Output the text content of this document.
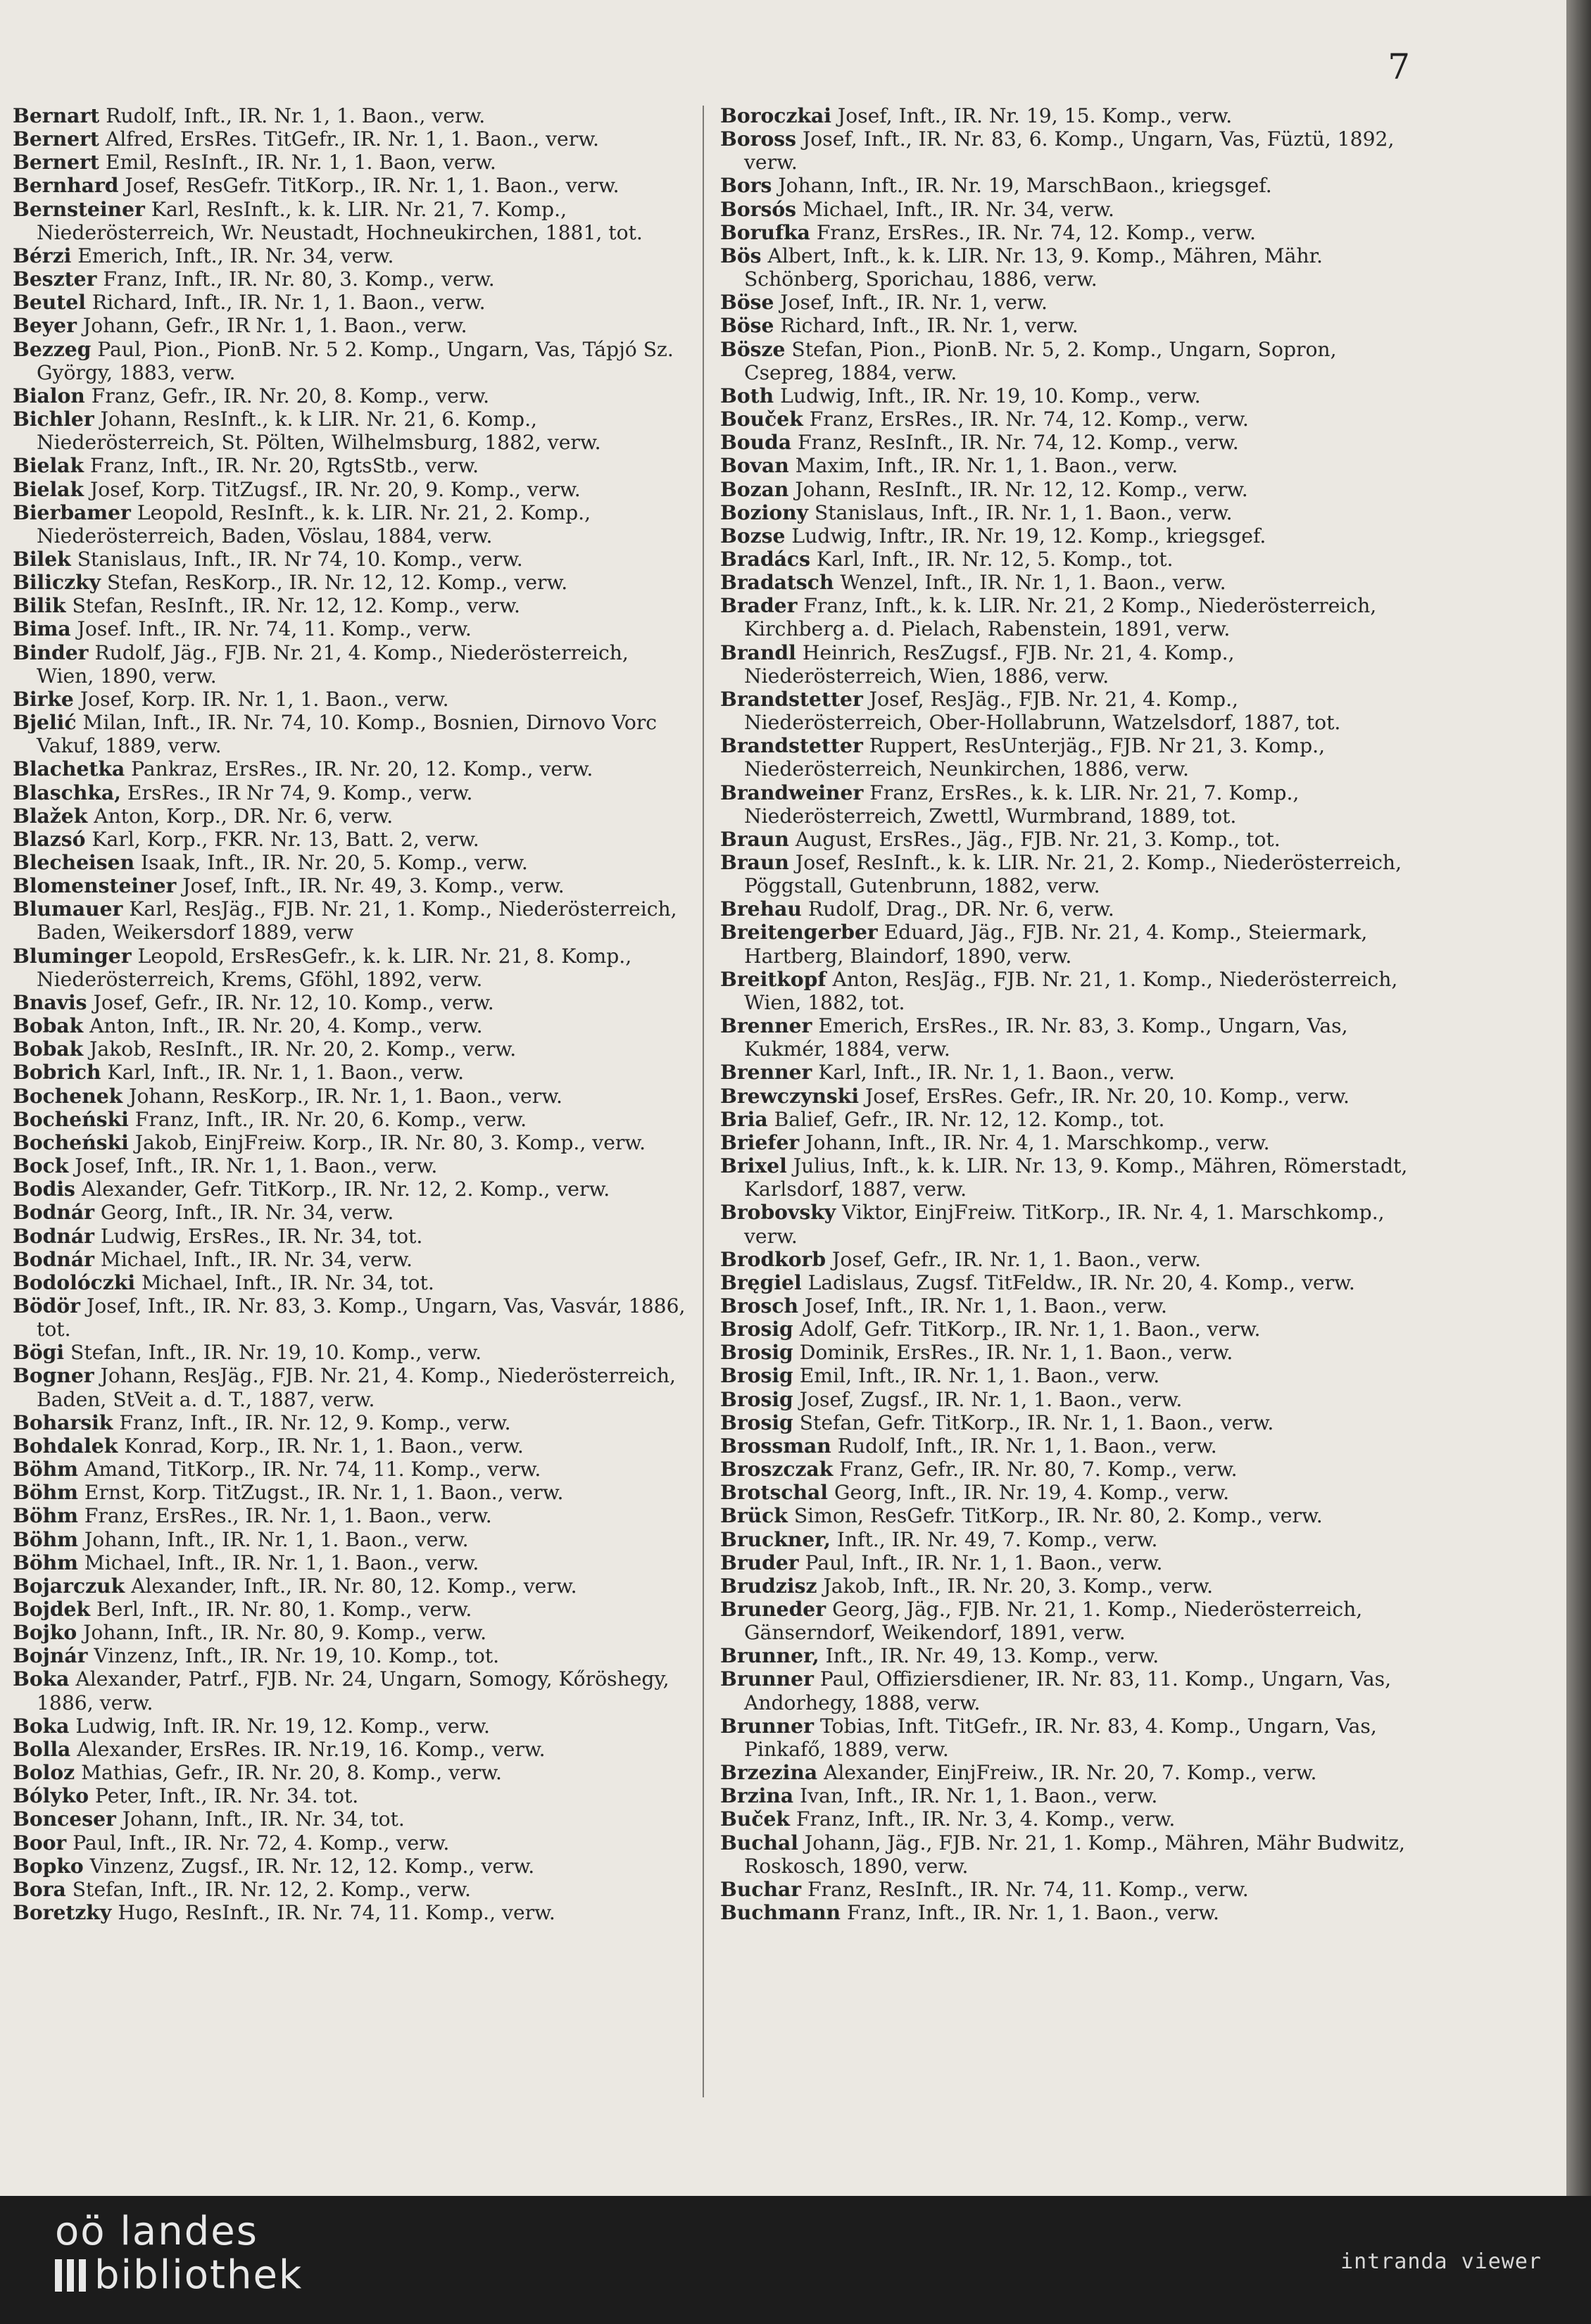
7

Bernart Rudolf, Inft., IR. Nr. 1, 1. Baon., verw.

Bernert Alfred, ErsRes. TitGefr., IR. Nr. 1, 1. Baon., verw.

Bernert Emil, ResInft., IR. Nr. 1, 1. Baon, verw.

Bernhard Josef, ResGefr. TitKorp., IR. Nr. 1, 1. Baon., verw.

Bernsteiner Karl, ResInft., k. k. LIR. Nr. 21, 7. Komp., Niederösterreich, Wr. Neustadt, Hochneukirchen, 1881, tot.

Bérzi Emerich, Inft., IR. Nr. 34, verw.

Beszter Franz, Inft., IR. Nr. 80, 3. Komp., verw.

Beutel Richard, Inft., IR. Nr. 1, 1. Baon., verw.

Beyer Johann, Gefr., IR Nr. 1, 1. Baon., verw.

Bezzeg Paul, Pion., PionB. Nr. 5 2. Komp., Ungarn, Vas, Tápjó Sz. György, 1883, verw.

Bialon Franz, Gefr., IR. Nr. 20, 8. Komp., verw.

Bichler Johann, ResInft., k. k LIR. Nr. 21, 6. Komp., Niederösterreich, St. Pölten, Wilhelmsburg, 1882, verw.

Bielak Franz, Inft., IR. Nr. 20, RgtsStb., verw.

Bielak Josef, Korp. TitZugsf., IR. Nr. 20, 9. Komp., verw.

Bierbamer Leopold, ResInft., k. k. LIR. Nr. 21, 2. Komp., Niederösterreich, Baden, Vöslau, 1884, verw.

Bilek Stanislaus, Inft., IR. Nr 74, 10. Komp., verw.

Biliczky Stefan, ResKorp., IR. Nr. 12, 12. Komp., verw.

Bilik Stefan, ResInft., IR. Nr. 12, 12. Komp., verw.

Bima Josef. Inft., IR. Nr. 74, 11. Komp., verw.

Binder Rudolf, Jäg., FJB. Nr. 21, 4. Komp., Niederösterreich, Wien, 1890, verw.

Birke Josef, Korp. IR. Nr. 1, 1. Baon., verw.

Bjelić Milan, Inft., IR. Nr. 74, 10. Komp., Bosnien, Dirnovo Vorc Vakuf, 1889, verw.

Blachetka Pankraz, ErsRes., IR. Nr. 20, 12. Komp., verw.

Blaschka, ErsRes., IR Nr 74, 9. Komp., verw.

Blažek Anton, Korp., DR. Nr. 6, verw.

Blazsó Karl, Korp., FKR. Nr. 13, Batt. 2, verw.

Blecheisen Isaak, Inft., IR. Nr. 20, 5. Komp., verw.

Blomensteiner Josef, Inft., IR. Nr. 49, 3. Komp., verw.

Blumauer Karl, ResJäg., FJB. Nr. 21, 1. Komp., Niederösterreich, Baden, Weikersdorf 1889, verw

Bluminger Leopold, ErsResGefr., k. k. LIR. Nr. 21, 8. Komp., Niederösterreich, Krems, Gföhl, 1892, verw.

Bnavis Josef, Gefr., IR. Nr. 12, 10. Komp., verw.

Bobak Anton, Inft., IR. Nr. 20, 4. Komp., verw.

Bobak Jakob, ResInft., IR. Nr. 20, 2. Komp., verw.

Bobrich Karl, Inft., IR. Nr. 1, 1. Baon., verw.

Bochenek Johann, ResKorp., IR. Nr. 1, 1. Baon., verw.

Bocheński Franz, Inft., IR. Nr. 20, 6. Komp., verw.

Bocheński Jakob, EinjFreiw. Korp., IR. Nr. 80, 3. Komp., verw.

Bock Josef, Inft., IR. Nr. 1, 1. Baon., verw.

Bodis Alexander, Gefr. TitKorp., IR. Nr. 12, 2. Komp., verw.

Bodnár Georg, Inft., IR. Nr. 34, verw.

Bodnár Ludwig, ErsRes., IR. Nr. 34, tot.

Bodnár Michael, Inft., IR. Nr. 34, verw.

Bodolóczki Michael, Inft., IR. Nr. 34, tot.

Bödör Josef, Inft., IR. Nr. 83, 3. Komp., Ungarn, Vas, Vasvár, 1886, tot.

Bögi Stefan, Inft., IR. Nr. 19, 10. Komp., verw.

Bogner Johann, ResJäg., FJB. Nr. 21, 4. Komp., Niederösterreich, Baden, StVeit a. d. T., 1887, verw.

Boharsik Franz, Inft., IR. Nr. 12, 9. Komp., verw.

Bohdalek Konrad, Korp., IR. Nr. 1, 1. Baon., verw.

Böhm Amand, TitKorp., IR. Nr. 74, 11. Komp., verw.

Böhm Ernst, Korp. TitZugst., IR. Nr. 1, 1. Baon., verw.

Böhm Franz, ErsRes., IR. Nr. 1, 1. Baon., verw.

Böhm Johann, Inft., IR. Nr. 1, 1. Baon., verw.

Böhm Michael, Inft., IR. Nr. 1, 1. Baon., verw.

Bojarczuk Alexander, Inft., IR. Nr. 80, 12. Komp., verw.

Bojdek Berl, Inft., IR. Nr. 80, 1. Komp., verw.

Bojko Johann, Inft., IR. Nr. 80, 9. Komp., verw.

Bojnár Vinzenz, Inft., IR. Nr. 19, 10. Komp., tot.

Boka Alexander, Patrf., FJB. Nr. 24, Ungarn, Somogy, Kőröshegy, 1886, verw.

Boka Ludwig, Inft. IR. Nr. 19, 12. Komp., verw.

Bolla Alexander, ErsRes. IR. Nr.19, 16. Komp., verw.

Boloz Mathias, Gefr., IR. Nr. 20, 8. Komp., verw.

Bólyko Peter, Inft., IR. Nr. 34. tot.

Bonceser Johann, Inft., IR. Nr. 34, tot.

Boor Paul, Inft., IR. Nr. 72, 4. Komp., verw.

Bopko Vinzenz, Zugsf., IR. Nr. 12, 12. Komp., verw.

Bora Stefan, Inft., IR. Nr. 12, 2. Komp., verw.

Boretzky Hugo, ResInft., IR. Nr. 74, 11. Komp., verw.

Boroczkai Josef, Inft., IR. Nr. 19, 15. Komp., verw.

Boross Josef, Inft., IR. Nr. 83, 6. Komp., Ungarn, Vas, Füztü, 1892, verw.

Bors Johann, Inft., IR. Nr. 19, MarschBaon., kriegsgef.

Borsós Michael, Inft., IR. Nr. 34, verw.

Borufka Franz, ErsRes., IR. Nr. 74, 12. Komp., verw.

Bös Albert, Inft., k. k. LIR. Nr. 13, 9. Komp., Mähren, Mähr. Schönberg, Sporichau, 1886, verw.

Böse Josef, Inft., IR. Nr. 1, verw.

Böse Richard, Inft., IR. Nr. 1, verw.

Bösze Stefan, Pion., PionB. Nr. 5, 2. Komp., Ungarn, Sopron, Csepreg, 1884, verw.

Both Ludwig, Inft., IR. Nr. 19, 10. Komp., verw.

Bouček Franz, ErsRes., IR. Nr. 74, 12. Komp., verw.

Bouda Franz, ResInft., IR. Nr. 74, 12. Komp., verw.

Bovan Maxim, Inft., IR. Nr. 1, 1. Baon., verw.

Bozan Johann, ResInft., IR. Nr. 12, 12. Komp., verw.

Boziony Stanislaus, Inft., IR. Nr. 1, 1. Baon., verw.

Bozse Ludwig, Inftr., IR. Nr. 19, 12. Komp., kriegsgef.

Bradács Karl, Inft., IR. Nr. 12, 5. Komp., tot.

Bradatsch Wenzel, Inft., IR. Nr. 1, 1. Baon., verw.

Brader Franz, Inft., k. k. LIR. Nr. 21, 2 Komp., Niederösterreich, Kirchberg a. d. Pielach, Rabenstein, 1891, verw.

Brandl Heinrich, ResZugsf., FJB. Nr. 21, 4. Komp., Niederösterreich, Wien, 1886, verw.

Brandstetter Josef, ResJäg., FJB. Nr. 21, 4. Komp., Niederösterreich, Ober-Hollabrunn, Watzelsdorf, 1887, tot.

Brandstetter Ruppert, ResUnterjäg., FJB. Nr 21, 3. Komp., Niederösterreich, Neunkirchen, 1886, verw.

Brandweiner Franz, ErsRes., k. k. LIR. Nr. 21, 7. Komp., Niederösterreich, Zwettl, Wurmbrand, 1889, tot.

Braun August, ErsRes., Jäg., FJB. Nr. 21, 3. Komp., tot.

Braun Josef, ResInft., k. k. LIR. Nr. 21, 2. Komp., Niederösterreich, Pöggstall, Gutenbrunn, 1882, verw.

Brehau Rudolf, Drag., DR. Nr. 6, verw.

Breitengerber Eduard, Jäg., FJB. Nr. 21, 4. Komp., Steiermark, Hartberg, Blaindorf, 1890, verw.

Breitkopf Anton, ResJäg., FJB. Nr. 21, 1. Komp., Niederösterreich, Wien, 1882, tot.

Brenner Emerich, ErsRes., IR. Nr. 83, 3. Komp., Ungarn, Vas, Kukmér, 1884, verw.

Brenner Karl, Inft., IR. Nr. 1, 1. Baon., verw.

Brewczynski Josef, ErsRes. Gefr., IR. Nr. 20, 10. Komp., verw.

Bria Balief, Gefr., IR. Nr. 12, 12. Komp., tot.

Briefer Johann, Inft., IR. Nr. 4, 1. Marschkomp., verw.

Brixel Julius, Inft., k. k. LIR. Nr. 13, 9. Komp., Mähren, Römerstadt, Karlsdorf, 1887, verw.

Brobovsky Viktor, EinjFreiw. TitKorp., IR. Nr. 4, 1. Marschkomp., verw.

Brodkorb Josef, Gefr., IR. Nr. 1, 1. Baon., verw.

Bręgiel Ladislaus, Zugsf. TitFeldw., IR. Nr. 20, 4. Komp., verw.

Brosch Josef, Inft., IR. Nr. 1, 1. Baon., verw.

Brosig Adolf, Gefr. TitKorp., IR. Nr. 1, 1. Baon., verw.

Brosig Dominik, ErsRes., IR. Nr. 1, 1. Baon., verw.

Brosig Emil, Inft., IR. Nr. 1, 1. Baon., verw.

Brosig Josef, Zugsf., IR. Nr. 1, 1. Baon., verw.

Brosig Stefan, Gefr. TitKorp., IR. Nr. 1, 1. Baon., verw.

Brossman Rudolf, Inft., IR. Nr. 1, 1. Baon., verw.

Broszczak Franz, Gefr., IR. Nr. 80, 7. Komp., verw.

Brotschal Georg, Inft., IR. Nr. 19, 4. Komp., verw.

Brück Simon, ResGefr. TitKorp., IR. Nr. 80, 2. Komp., verw.

Bruckner, Inft., IR. Nr. 49, 7. Komp., verw.

Bruder Paul, Inft., IR. Nr. 1, 1. Baon., verw.

Brudzisz Jakob, Inft., IR. Nr. 20, 3. Komp., verw.

Bruneder Georg, Jäg., FJB. Nr. 21, 1. Komp., Niederösterreich, Gänserndorf, Weikendorf, 1891, verw.

Brunner, Inft., IR. Nr. 49, 13. Komp., verw.

Brunner Paul, Offiziersdiener, IR. Nr. 83, 11. Komp., Ungarn, Vas, Andorhegy, 1888, verw.

Brunner Tobias, Inft. TitGefr., IR. Nr. 83, 4. Komp., Ungarn, Vas, Pinkafő, 1889, verw.

Brzezina Alexander, EinjFreiw., IR. Nr. 20, 7. Komp., verw.

Brzina Ivan, Inft., IR. Nr. 1, 1. Baon., verw.

Buček Franz, Inft., IR. Nr. 3, 4. Komp., verw.

Buchal Johann, Jäg., FJB. Nr. 21, 1. Komp., Mähren, Mähr Budwitz, Roskosch, 1890, verw.

Buchar Franz, ResInft., IR. Nr. 74, 11. Komp., verw.

Buchmann Franz, Inft., IR. Nr. 1, 1. Baon., verw.

oö landes
bibliothek	intranda viewer
